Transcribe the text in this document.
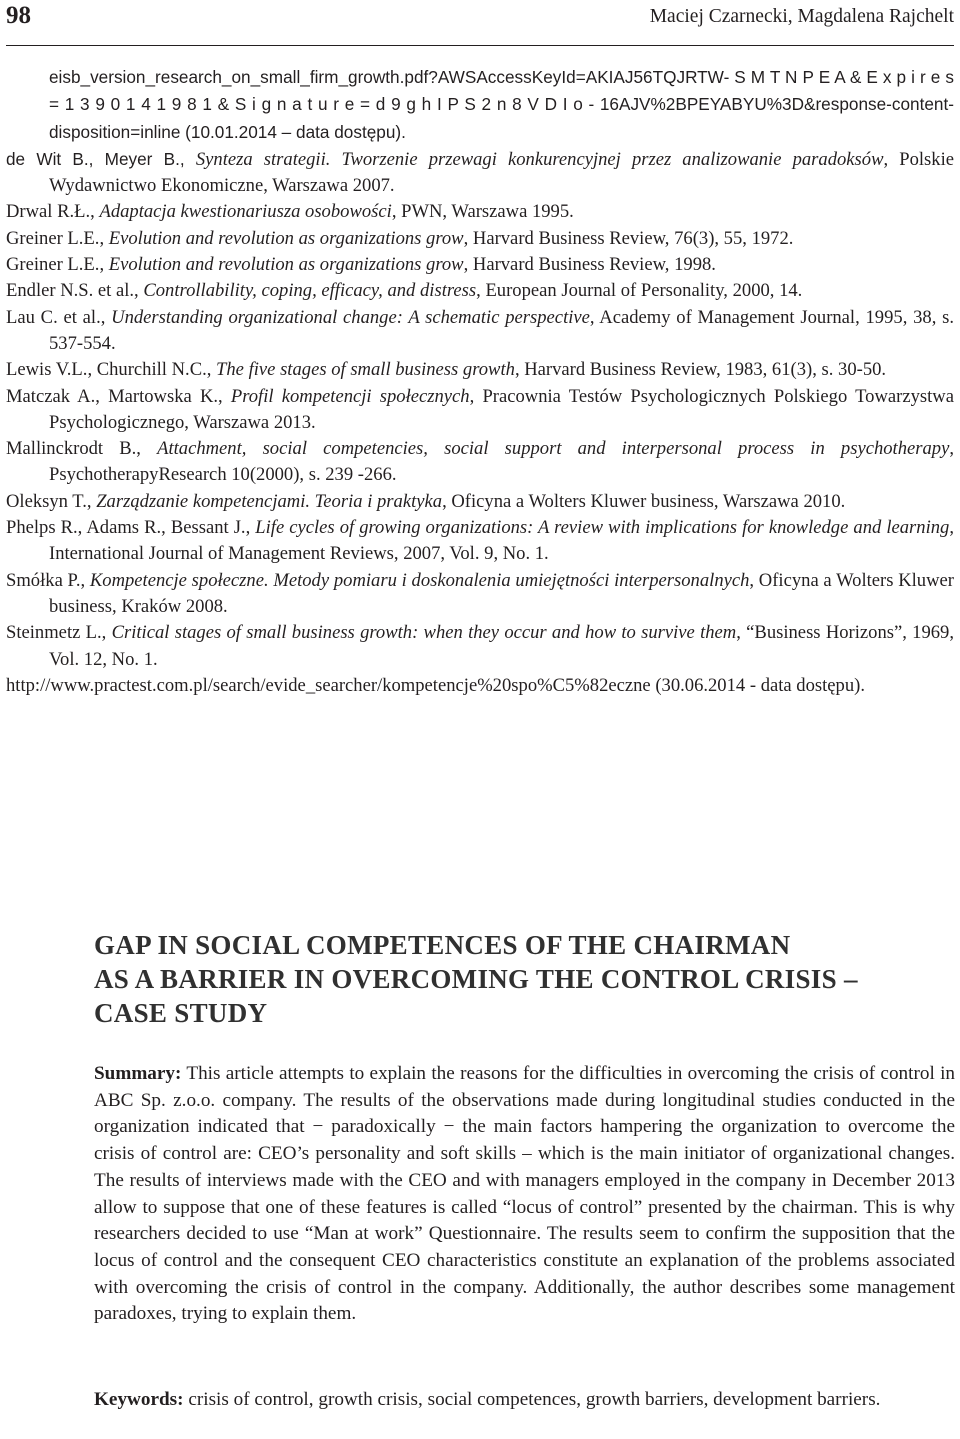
98	Maciej Czarnecki, Magdalena Rajchelt
eisb_version_research_on_small_firm_growth.pdf?AWSAccessKeyId=AKIAJ56TQJRTW- S M T N P E A & E x p i r e s = 1 3 9 0 1 4 1 9 8 1 & S i g n a t u r e = d 9 g h I P S 2 n 8 V D I o - 16AJV%2BPEYABYU%3D&response-content-disposition=inline (10.01.2014 – data dostępu).
de Wit B., Meyer B., Synteza strategii. Tworzenie przewagi konkurencyjnej przez analizowanie paradoksów, Polskie Wydawnictwo Ekonomiczne, Warszawa 2007.
Drwal R.Ł., Adaptacja kwestionariusza osobowości, PWN, Warszawa 1995.
Greiner L.E., Evolution and revolution as organizations grow, Harvard Business Review, 76(3), 55, 1972.
Greiner L.E., Evolution and revolution as organizations grow, Harvard Business Review, 1998.
Endler N.S. et al., Controllability, coping, efficacy, and distress, European Journal of Personality, 2000, 14.
Lau C. et al., Understanding organizational change: A schematic perspective, Academy of Management Journal, 1995, 38, s. 537-554.
Lewis V.L., Churchill N.C., The five stages of small business growth, Harvard Business Review, 1983, 61(3), s. 30-50.
Matczak A., Martowska K., Profil kompetencji społecznych, Pracownia Testów Psychologicznych Polskiego Towarzystwa Psychologicznego, Warszawa 2013.
Mallinckrodt B., Attachment, social competencies, social support and interpersonal process in psychotherapy, PsychotherapyResearch 10(2000), s. 239 -266.
Oleksyn T., Zarządzanie kompetencjami. Teoria i praktyka, Oficyna a Wolters Kluwer business, Warszawa 2010.
Phelps R., Adams R., Bessant J., Life cycles of growing organizations: A review with implications for knowledge and learning, International Journal of Management Reviews, 2007, Vol. 9, No. 1.
Smółka P., Kompetencje społeczne. Metody pomiaru i doskonalenia umiejętności interpersonalnych, Oficyna a Wolters Kluwer business, Kraków 2008.
Steinmetz L., Critical stages of small business growth: when they occur and how to survive them, “Business Horizons”, 1969, Vol. 12, No. 1.
http://www.practest.com.pl/search/evide_searcher/kompetencje%20spo%C5%82eczne (30.06.2014 - data dostępu).
GAP IN SOCIAL COMPETENCES OF THE CHAIRMAN
AS A BARRIER IN OVERCOMING THE CONTROL CRISIS –
CASE STUDY

Summary: This article attempts to explain the reasons for the difficulties in overcoming the crisis of control in ABC Sp. z.o.o. company. The results of the observations made during longitudinal studies conducted in the organization indicated that − paradoxically − the main factors hampering the organization to overcome the crisis of control are: CEO’s personality and soft skills – which is the main initiator of organizational changes. The results of interviews made with the CEO and with managers employed in the company in December 2013 allow to suppose that one of these features is called “locus of control” presented by the chairman. This is why researchers decided to use “Man at work” Questionnaire. The results seem to confirm the supposition that the locus of control and the consequent CEO characteristics constitute an explanation of the problems associated with overcoming the crisis of control in the company. Additionally, the author describes some management paradoxes, trying to explain them.

Keywords: crisis of control, growth crisis, social competences, growth barriers, development barriers.
